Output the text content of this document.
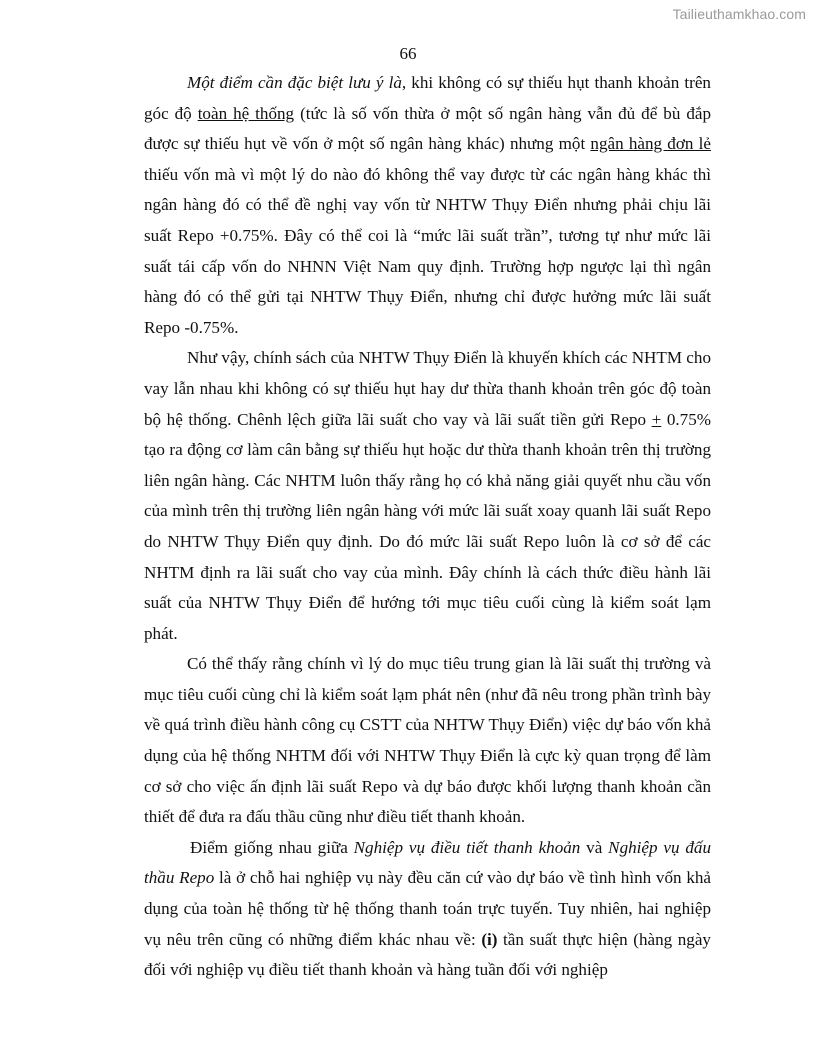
Tailieuthamkhao.com
66

Một điểm cần đặc biệt lưu ý là, khi không có sự thiếu hụt thanh khoản trên góc độ toàn hệ thống (tức là số vốn thừa ở một số ngân hàng vẫn đủ để bù đắp được sự thiếu hụt về vốn ở một số ngân hàng khác) nhưng một ngân hàng đơn lẻ thiếu vốn mà vì một lý do nào đó không thể vay được từ các ngân hàng khác thì ngân hàng đó có thể đề nghị vay vốn từ NHTW Thụy Điển nhưng phải chịu lãi suất Repo +0.75%. Đây có thể coi là “mức lãi suất trần”, tương tự như mức lãi suất tái cấp vốn do NHNN Việt Nam quy định. Trường hợp ngược lại thì ngân hàng đó có thể gửi tại NHTW Thụy Điển, nhưng chỉ được hưởng mức lãi suất Repo -0.75%.

Như vậy, chính sách của NHTW Thụy Điển là khuyến khích các NHTM cho vay lẫn nhau khi không có sự thiếu hụt hay dư thừa thanh khoản trên góc độ toàn bộ hệ thống. Chênh lệch giữa lãi suất cho vay và lãi suất tiền gửi Repo + 0.75% tạo ra động cơ làm cân bằng sự thiếu hụt hoặc dư thừa thanh khoản trên thị trường liên ngân hàng. Các NHTM luôn thấy rằng họ có khả năng giải quyết nhu cầu vốn của mình trên thị trường liên ngân hàng với mức lãi suất xoay quanh lãi suất Repo do NHTW Thụy Điển quy định. Do đó mức lãi suất Repo luôn là cơ sở để các NHTM định ra lãi suất cho vay của mình. Đây chính là cách thức điều hành lãi suất của NHTW Thụy Điển để hướng tới mục tiêu cuối cùng là kiểm soát lạm phát.

Có thể thấy rằng chính vì lý do mục tiêu trung gian là lãi suất thị trường và mục tiêu cuối cùng chỉ là kiểm soát lạm phát nên (như đã nêu trong phần trình bày về quá trình điều hành công cụ CSTT của NHTW Thụy Điển) việc dự báo vốn khả dụng của hệ thống NHTM đối với NHTW Thụy Điển là cực kỳ quan trọng để làm cơ sở cho việc ấn định lãi suất Repo và dự báo được khối lượng thanh khoản cần thiết để đưa ra đấu thầu cũng như điều tiết thanh khoản.

Điểm giống nhau giữa Nghiệp vụ điều tiết thanh khoản và Nghiệp vụ đấu thầu Repo là ở chỗ hai nghiệp vụ này đều căn cứ vào dự báo về tình hình vốn khả dụng của toàn hệ thống từ hệ thống thanh toán trực tuyến. Tuy nhiên, hai nghiệp vụ nêu trên cũng có những điểm khác nhau về: (i) tần suất thực hiện (hàng ngày đối với nghiệp vụ điều tiết thanh khoản và hàng tuần đối với nghiệp
